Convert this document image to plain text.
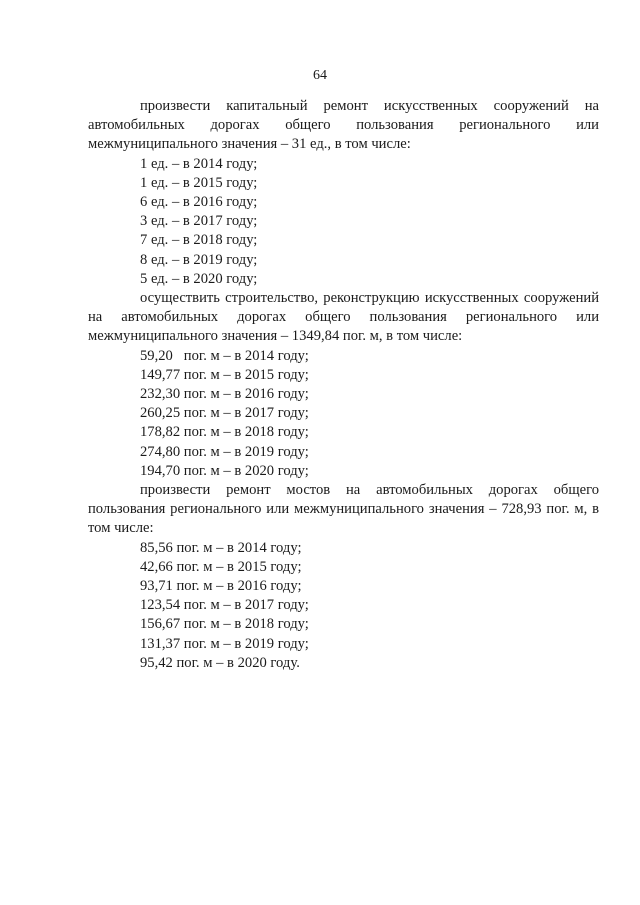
64

произвести капитальный ремонт искусственных сооружений на автомобильных дорогах общего пользования регионального или межмуниципального значения – 31 ед., в том числе:

1 ед. – в 2014 году;
1 ед. – в 2015 году;
6 ед. – в 2016 году;
3 ед. – в 2017 году;
7 ед. – в 2018 году;
8 ед. – в 2019 году;
5 ед. – в 2020 году;

осуществить строительство, реконструкцию искусственных сооружений на автомобильных дорогах общего пользования регионального или межмуниципального значения – 1349,84 пог. м, в том числе:

59,20   пог. м – в 2014 году;
149,77 пог. м – в 2015 году;
232,30 пог. м – в 2016 году;
260,25 пог. м – в 2017 году;
178,82 пог. м – в 2018 году;
274,80 пог. м – в 2019 году;
194,70 пог. м – в 2020 году;

произвести ремонт мостов на автомобильных дорогах общего пользования регионального или межмуниципального значения – 728,93 пог. м, в том числе:

85,56 пог. м – в 2014 году;
42,66 пог. м – в 2015 году;
93,71 пог. м – в 2016 году;
123,54 пог. м – в 2017 году;
156,67 пог. м – в 2018 году;
131,37 пог. м – в 2019 году;
95,42 пог. м – в 2020 году.
